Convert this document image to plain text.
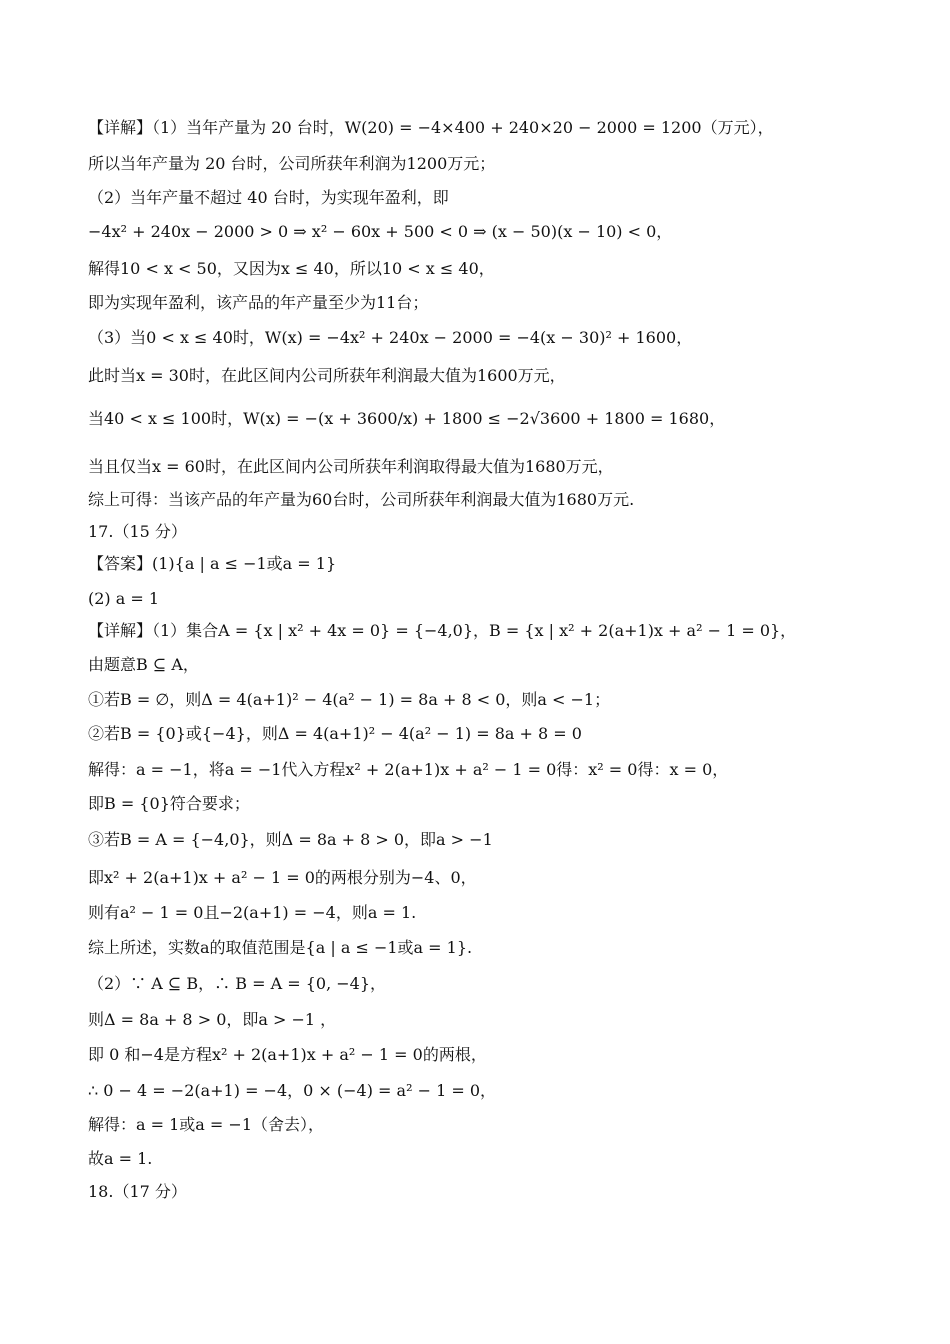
【详解】（1）当年产量为 20 台时，W(20) = −4×400 + 240×20 − 2000 = 1200（万元），
所以当年产量为 20 台时，公司所获年利润为1200万元；
（2）当年产量不超过 40 台时，为实现年盈利，即
−4x² + 240x − 2000 > 0 ⇒ x² − 60x + 500 < 0 ⇒ (x − 50)(x − 10) < 0，
解得10 < x < 50，又因为x ≤ 40，所以10 < x ≤ 40，
即为实现年盈利，该产品的年产量至少为11台；
（3）当0 < x ≤ 40时，W(x) = −4x² + 240x − 2000 = −4(x − 30)² + 1600，
此时当x = 30时，在此区间内公司所获年利润最大值为1600万元，
当40 < x ≤ 100时，W(x) = −(x + 3600/x) + 1800 ≤ −2√3600 + 1800 = 1680，
当且仅当x = 60时，在此区间内公司所获年利润取得最大值为1680万元，
综上可得：当该产品的年产量为60台时，公司所获年利润最大值为1680万元.
17.（15 分）
【答案】(1){a | a ≤ −1或a = 1}
(2) a = 1
【详解】（1）集合A = {x | x² + 4x = 0} = {−4,0}，B = {x | x² + 2(a+1)x + a² − 1 = 0}，
由题意B ⊆ A，
①若B = ∅，则Δ = 4(a+1)² − 4(a² − 1) = 8a + 8 < 0，则a < −1；
②若B = {0}或{−4}，则Δ = 4(a+1)² − 4(a² − 1) = 8a + 8 = 0
解得：a = −1，将a = −1代入方程x² + 2(a+1)x + a² − 1 = 0得：x² = 0得：x = 0，
即B = {0}符合要求；
③若B = A = {−4,0}，则Δ = 8a + 8 > 0，即a > −1
即x² + 2(a+1)x + a² − 1 = 0的两根分别为−4、0，
则有a² − 1 = 0且−2(a+1) = −4，则a = 1.
综上所述，实数a的取值范围是{a | a ≤ −1或a = 1}.
（2）∵ A ⊆ B，∴ B = A = {0, −4}，
则Δ = 8a + 8 > 0，即a > −1 ，
即 0 和−4是方程x² + 2(a+1)x + a² − 1 = 0的两根，
∴ 0 − 4 = −2(a+1) = −4，0 × (−4) = a² − 1 = 0，
解得：a = 1或a = −1（舍去），
故a = 1.
18.（17 分）
